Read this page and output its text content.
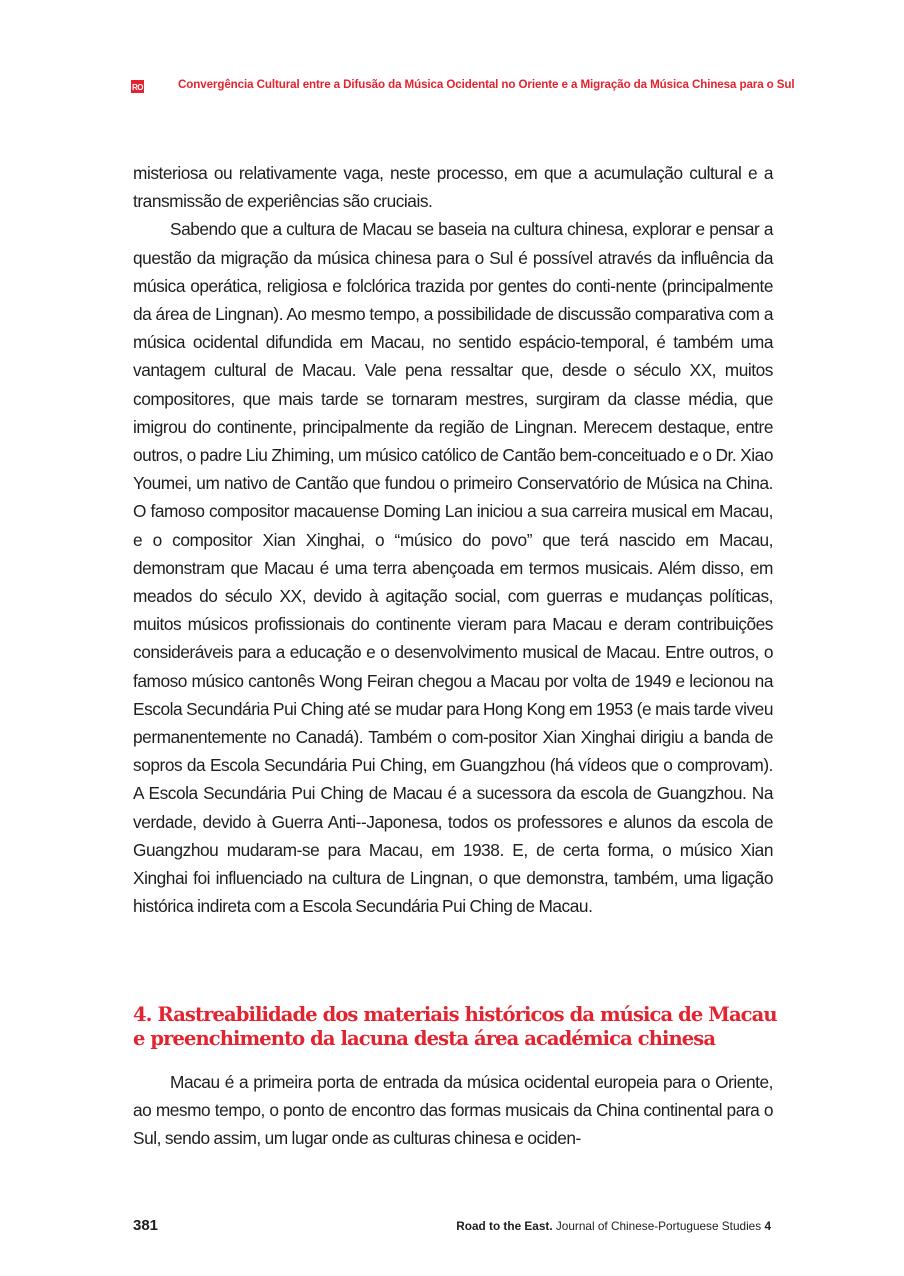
RO	Convergência Cultural entre a Difusão da Música Ocidental no Oriente e a Migração da Música Chinesa para o Sul

misteriosa ou relativamente vaga, neste processo, em que a acumulação cultural e a transmissão de experiências são cruciais.

Sabendo que a cultura de Macau se baseia na cultura chinesa, explorar e pensar a questão da migração da música chinesa para o Sul é possível através da influência da música operática, religiosa e folclórica trazida por gentes do conti-nente (principalmente da área de Lingnan). Ao mesmo tempo, a possibilidade de discussão comparativa com a música ocidental difundida em Macau, no sentido espácio-temporal, é também uma vantagem cultural de Macau. Vale pena ressaltar que, desde o século XX, muitos compositores, que mais tarde se tornaram mestres, surgiram da classe média, que imigrou do continente, principalmente da região de Lingnan. Merecem destaque, entre outros, o padre Liu Zhiming, um músico católico de Cantão bem-conceituado e o Dr. Xiao Youmei, um nativo de Cantão que fundou o primeiro Conservatório de Música na China. O famoso compositor macauense Doming Lan iniciou a sua carreira musical em Macau, e o compositor Xian Xinghai, o “músico do povo” que terá nascido em Macau, demonstram que Macau é uma terra abençoada em termos musicais. Além disso, em meados do século XX, devido à agitação social, com guerras e mudanças políticas, muitos músicos profissionais do continente vieram para Macau e deram contribuições consideráveis para a educação e o desenvolvimento musical de Macau. Entre outros, o famoso músico cantonês Wong Feiran chegou a Macau por volta de 1949 e lecionou na Escola Secundária Pui Ching até se mudar para Hong Kong em 1953 (e mais tarde viveu permanentemente no Canadá). Também o com-positor Xian Xinghai dirigiu a banda de sopros da Escola Secundária Pui Ching, em Guangzhou (há vídeos que o comprovam). A Escola Secundária Pui Ching de Macau é a sucessora da escola de Guangzhou. Na verdade, devido à Guerra Anti--Japonesa, todos os professores e alunos da escola de Guangzhou mudaram-se para Macau, em 1938. E, de certa forma, o músico Xian Xinghai foi influenciado na cultura de Lingnan, o que demonstra, também, uma ligação histórica indireta com a Escola Secundária Pui Ching de Macau.

4. Rastreabilidade dos materiais históricos da música de Macau e preenchimento da lacuna desta área académica chinesa

Macau é a primeira porta de entrada da música ocidental europeia para o Oriente, ao mesmo tempo, o ponto de encontro das formas musicais da China continental para o Sul, sendo assim, um lugar onde as culturas chinesa e ociden-

381	Road to the East. Journal of Chinese-Portuguese Studies 4
